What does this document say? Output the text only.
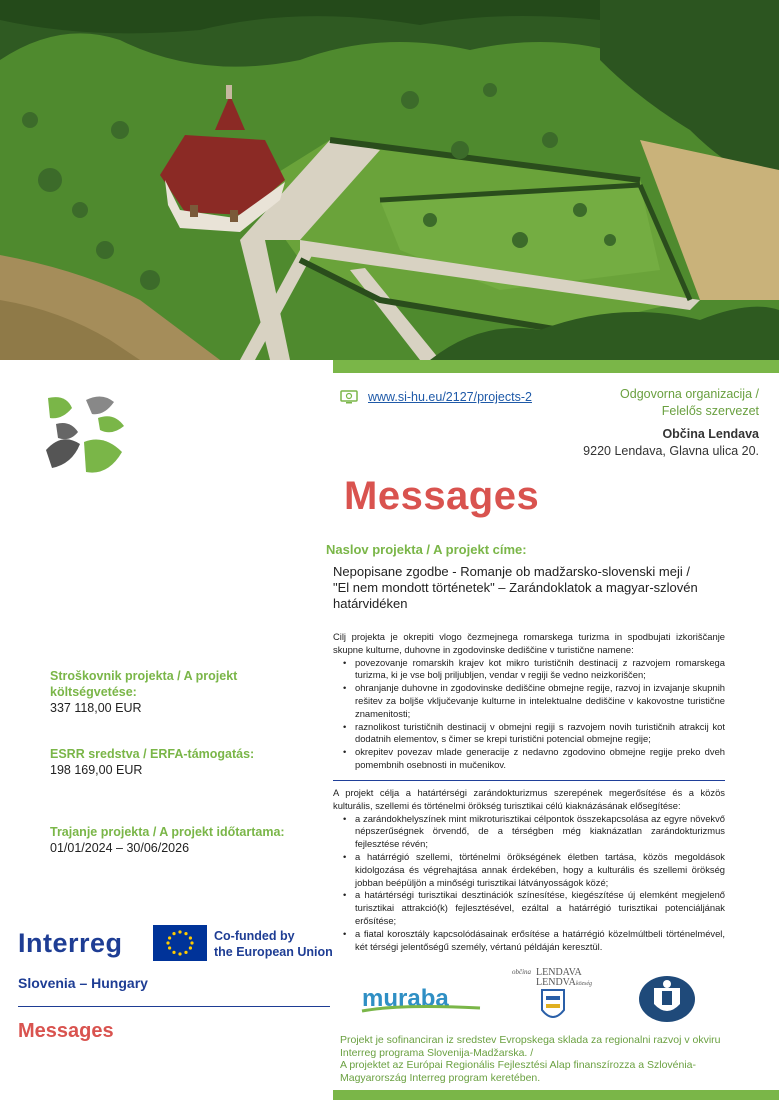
www.si-hu.eu/2127/projects-2	Odgovorna organizacija /
Felelős szervezet
Občina Lendava
9220 Lendava, Glavna ulica 20.
Messages
Naslov projekta / A projekt címe:
Nepopisane zgodbe - Romanje ob madžarsko-slovenski meji /
"El nem mondott történetek" – Zarándoklatok a magyar-szlovén határvidéken
Cilj projekta je okrepiti vlogo čezmejnega romarskega turizma in spodbujati izkoriščanje skupne kulturne, duhovne in zgodovinske dediščine v turistične namene:
• povezovanje romarskih krajev kot mikro turističnih destinacij z razvojem romarskega turizma, ki je vse bolj priljubljen, vendar v regiji še vedno neizkoriščen;
• ohranjanje duhovne in zgodovinske dediščine obmejne regije, razvoj in izvajanje skupnih rešitev za boljše vključevanje kulturne in intelektualne dediščine v kakovostne turistične znamenitosti;
• raznolikost turističnih destinacij v obmejni regiji s razvojem novih turističnih atrakcij kot dodatnih elementov, s čimer se krepi turistični potencial obmejne regije;
• okrepitev povezav mlade generacije z nedavno zgodovino obmejne regije preko dveh pomembnih osebnosti in mučenikov.
A projekt célja a határtérségi zarándokturizmus szerepének megerősítése és a közös kulturális, szellemi és történelmi örökség turisztikai célú kiaknázásának elősegítése:
• a zarándokhelyszínek mint mikroturisztikai célpontok összekapcsolása az egyre növekvő népszerűségnek örvendő, de a térségben még kiaknázatlan zarándokturizmus fejlesztése révén;
• a határrégió szellemi, történelmi örökségének életben tartása, közös megoldások kidolgozása és végrehajtása annak érdekében, hogy a kulturális és szellemi örökség jobban beépüljön a minőségi turisztikai látványosságok közé;
• a határtérségi turisztikai desztinációk színesítése, kiegészítése új elemként megjelenő turisztikai attrakció(k) fejlesztésével, ezáltal a határrégió turisztikai potenciáljának erősítése;
• a fiatal korosztály kapcsolódásainak erősítése a határrégió közelmúltbeli történelmével, két térségi jelentőségű személy, vértanú példáján keresztül.
Stroškovnik projekta / A projekt költségvetése:
337 118,00 EUR
ESRR sredstva / ERFA-támogatás:
198 169,00 EUR
Trajanje projekta / A projekt időtartama:
01/01/2024 – 30/06/2026
Interreg	Co-funded by
the European Union
Slovenia – Hungary
Messages
muraba
občina LENDAVA
LENDVA község
Projekt je sofinanciran iz sredstev Evropskega sklada za regionalni razvoj v okviru Interreg programa Slovenija-Madžarska. /
A projektet az Európai Regionális Fejlesztési Alap finanszírozza a Szlovénia-Magyarország Interreg program keretében.
